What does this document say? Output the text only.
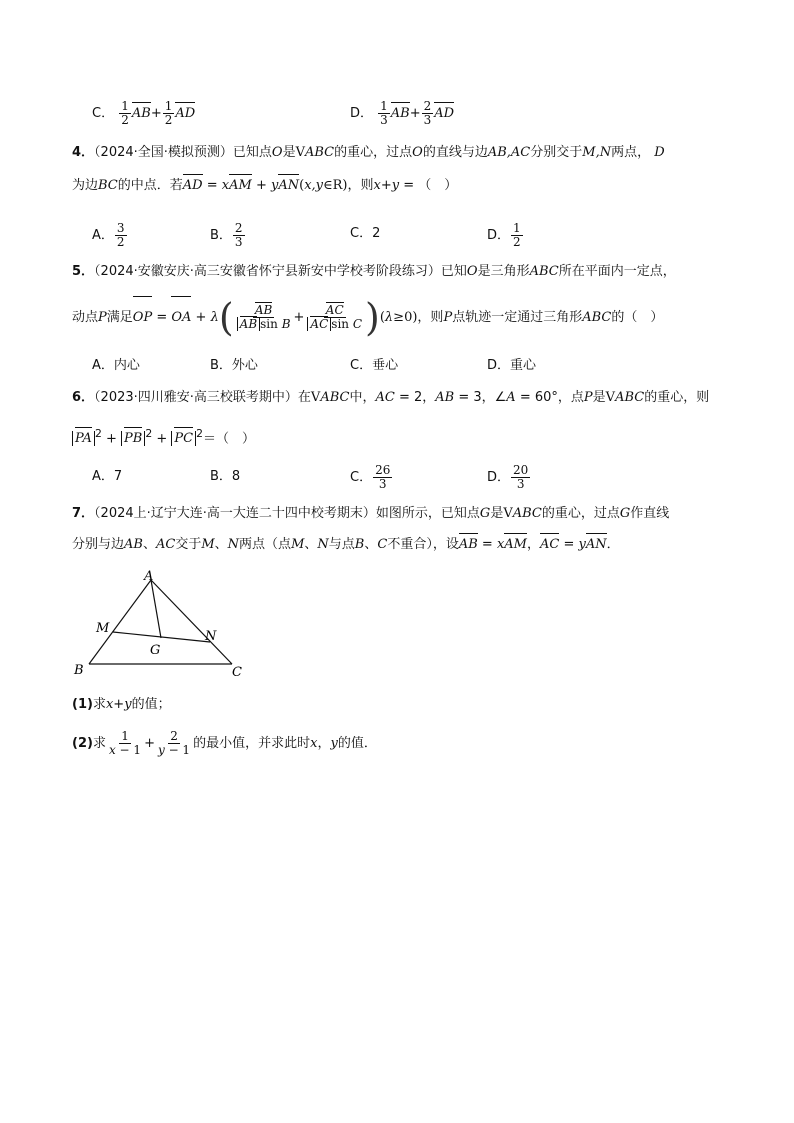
C． $\frac{1}{2} AB+ \frac{1}{2}$ AD	D． $\frac{1}{3} AB+ \frac{2}{3}$ AD
4．（2024·全国·模拟预测）已知点O是VABC的重心，过点O的直线与边AB,AC分别交于M,N两点， D
为边BC的中点．若AD = xAM + yAN(x,y∈R)，则x+y = （　）
A． $\frac{3}{2}$	B． $\frac{2}{3}$	C．2	D． $\frac{1}{2}$
5．（2024·安徽安庆·高三安徽省怀宁县新安中学校考阶段练习）已知O是三角形ABC所在平面内一定点，
动点P满足OP = OA + $\lambda( \frac{AB}{\text{AB sin B}} + \frac{AC}{\text{AC sin C}} )(\lambda\ge 0)$，则P点轨迹一定通过三角形ABC的（　）
A．内心	B．外心	C．垂心	D．重心
6．（2023·四川雅安·高三校联考期中）在VABC中，AC = 2，AB = 3，∠A = 60°，点P是VABC的重心，则
PA $^2$ + PB $^2$ + PC $^2$＝（　）
A．7	B．8	C． $\frac{26}{3}$	D． $\frac{20}{3}$
7．（2024上·辽宁大连·高一大连二十四中校考期末）如图所示，已知点G是VABC的重心，过点G作直线
分别与边AB、AC交于M、N两点（点M、N与点B、C不重合），设AB = xAM，AC = yAN．
A
M
N
G
B	C
(1)求x+y的值；
(2)求 $\frac{1}{x - 1} + \frac{2}{y - 1}$ 的最小值，并求此时x，y的值．
